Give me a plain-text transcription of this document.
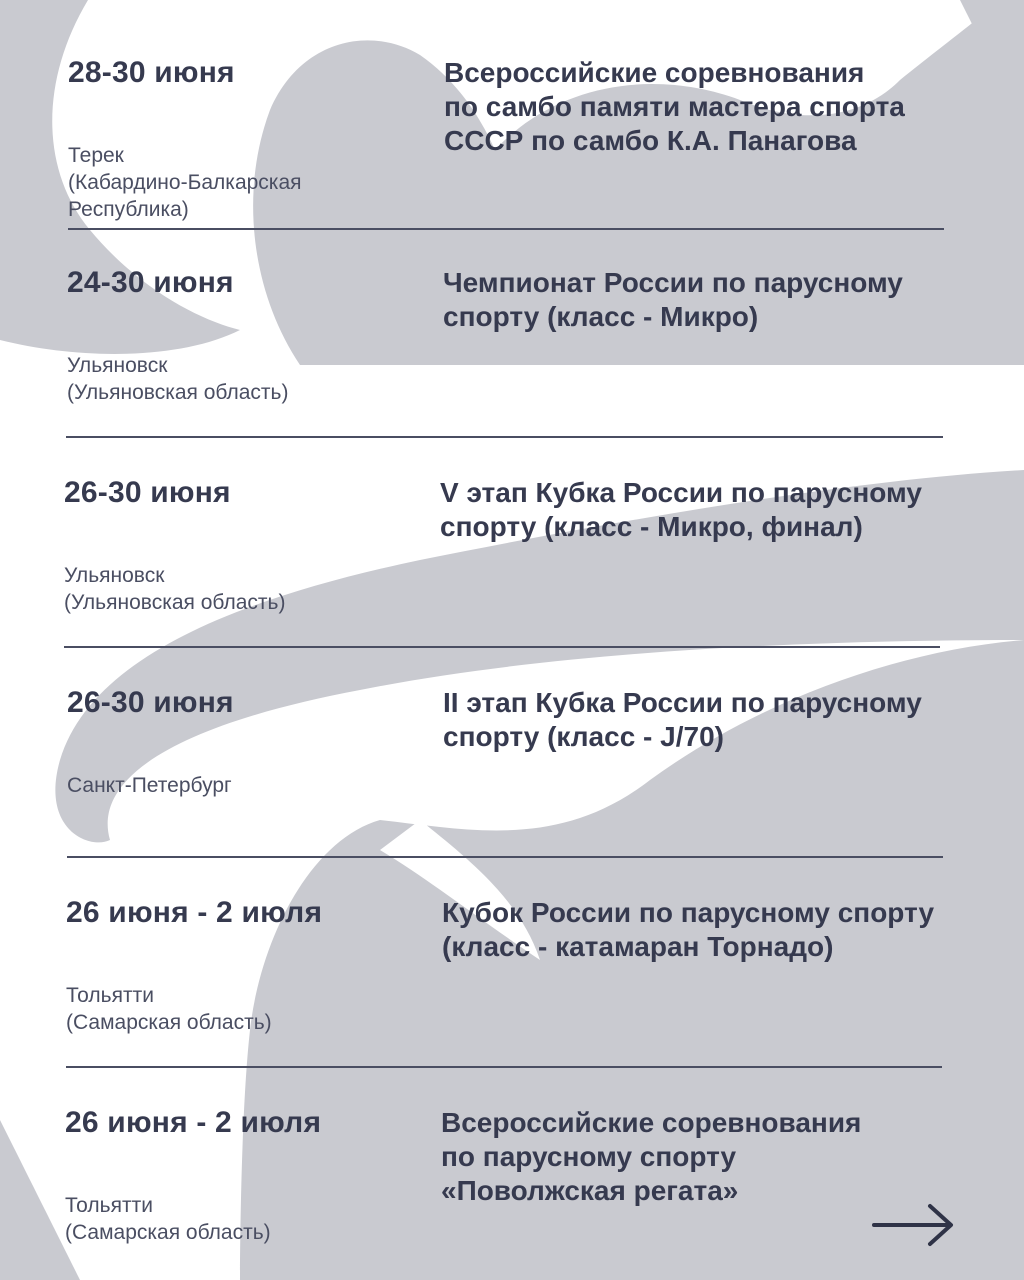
28-30 июня
Терек
(Кабардино-Балкарская
Республика)
Всероссийские соревнования
по самбо памяти мастера спорта
СССР по самбо К.А. Панагова
24-30 июня
Ульяновск
(Ульяновская область)
Чемпионат России по парусному
спорту (класс - Микро)
26-30 июня
Ульяновск
(Ульяновская область)
V этап Кубка России по парусному
спорту (класс - Микро, финал)
26-30 июня
Санкт-Петербург
II этап Кубка России по парусному
спорту (класс - J/70)
26 июня - 2 июля
Тольятти
(Самарская область)
Кубок России по парусному спорту
(класс - катамаран Торнадо)
26 июня - 2 июля
Тольятти
(Самарская область)
Всероссийские соревнования
по парусному спорту
«Поволжская регата»
